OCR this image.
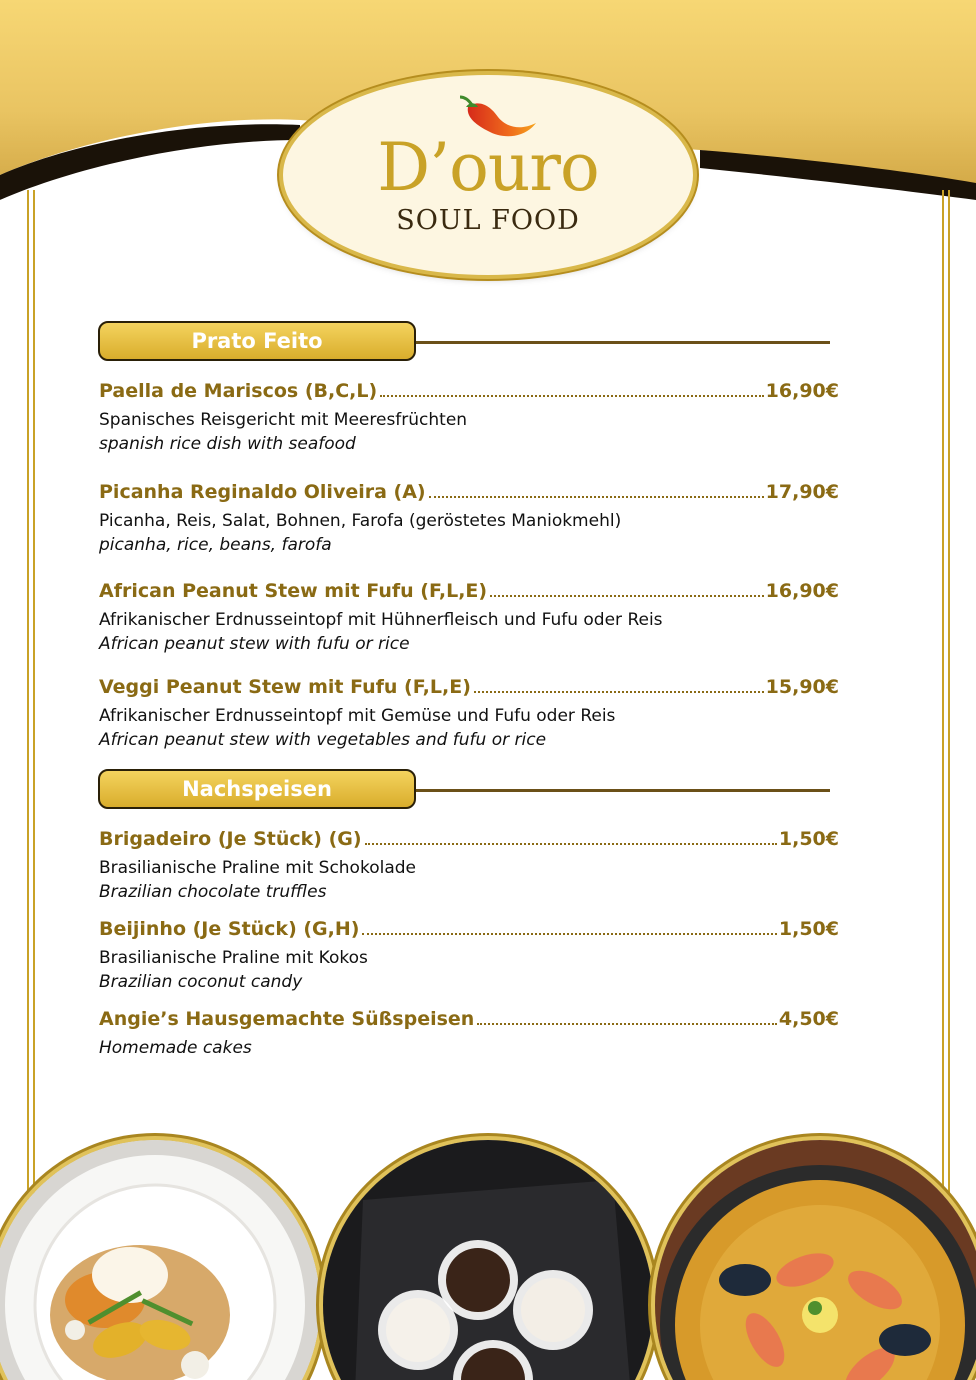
D’ouro
SOUL FOOD
Prato Feito
Paella de Mariscos (B,C,L)	16,90€
Spanisches Reisgericht mit Meeresfrüchten
spanish rice dish with seafood
Picanha Reginaldo Oliveira (A)	17,90€
Picanha, Reis, Salat, Bohnen, Farofa (geröstetes Maniokmehl)
picanha, rice, beans, farofa
African Peanut Stew mit Fufu (F,L,E)	16,90€
Afrikanischer Erdnusseintopf mit Hühnerfleisch und Fufu oder Reis
African peanut stew with fufu or rice
Veggi Peanut Stew mit Fufu (F,L,E)	15,90€
Afrikanischer Erdnusseintopf mit Gemüse und Fufu oder Reis
African peanut stew with vegetables and fufu or rice
Nachspeisen
Brigadeiro (Je Stück) (G)	1,50€
Brasilianische Praline mit Schokolade
Brazilian chocolate truffles
Beijinho (Je Stück) (G,H)	1,50€
Brasilianische Praline mit Kokos
Brazilian coconut candy
Angie’s Hausgemachte Süßspeisen	4,50€
Homemade cakes
